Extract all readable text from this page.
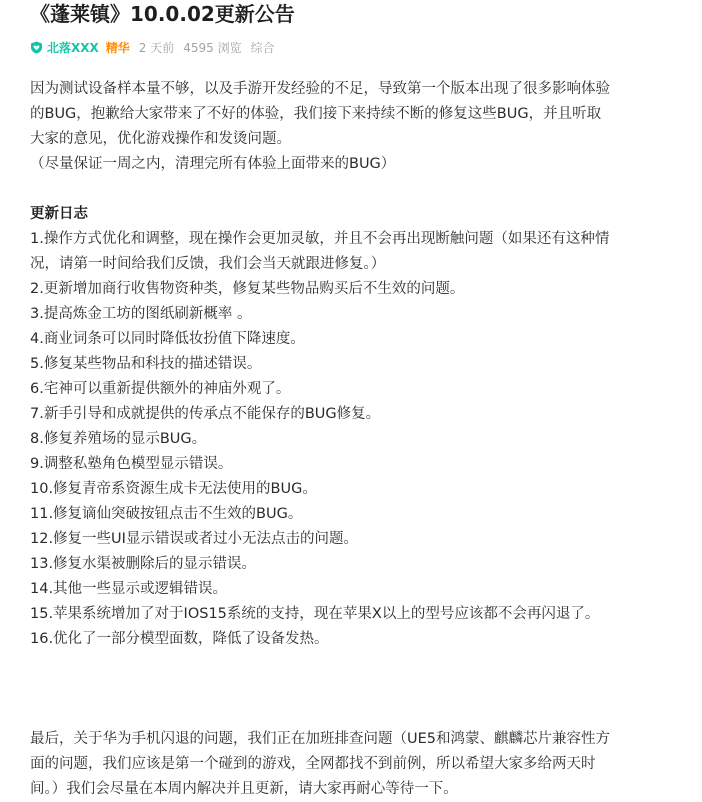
《蓬莱镇》10.0.02更新公告
北落XXX 精华 2 天前 4595 浏览 综合
因为测试设备样本量不够，以及手游开发经验的不足，导致第一个版本出现了很多影响体验
的BUG，抱歉给大家带来了不好的体验，我们接下来持续不断的修复这些BUG，并且听取
大家的意见，优化游戏操作和发烫问题。
（尽量保证一周之内，清理完所有体验上面带来的BUG）
更新日志
1.操作方式优化和调整，现在操作会更加灵敏，并且不会再出现断触问题（如果还有这种情
况，请第一时间给我们反馈，我们会当天就跟进修复。）
2.更新增加商行收售物资种类，修复某些物品购买后不生效的问题。
3.提高炼金工坊的图纸刷新概率 。
4.商业词条可以同时降低妆扮值下降速度。
5.修复某些物品和科技的描述错误。
6.宅神可以重新提供额外的神庙外观了。
7.新手引导和成就提供的传承点不能保存的BUG修复。
8.修复养殖场的显示BUG。
9.调整私塾角色模型显示错误。
10.修复青帝系资源生成卡无法使用的BUG。
11.修复谪仙突破按钮点击不生效的BUG。
12.修复一些UI显示错误或者过小无法点击的问题。
13.修复水渠被删除后的显示错误。
14.其他一些显示或逻辑错误。
15.苹果系统增加了对于IOS15系统的支持，现在苹果X以上的型号应该都不会再闪退了。
16.优化了一部分模型面数，降低了设备发热。
最后，关于华为手机闪退的问题，我们正在加班排查问题（UE5和鸿蒙、麒麟芯片兼容性方
面的问题，我们应该是第一个碰到的游戏，全网都找不到前例，所以希望大家多给两天时
间。）我们会尽量在本周内解决并且更新，请大家再耐心等待一下。
